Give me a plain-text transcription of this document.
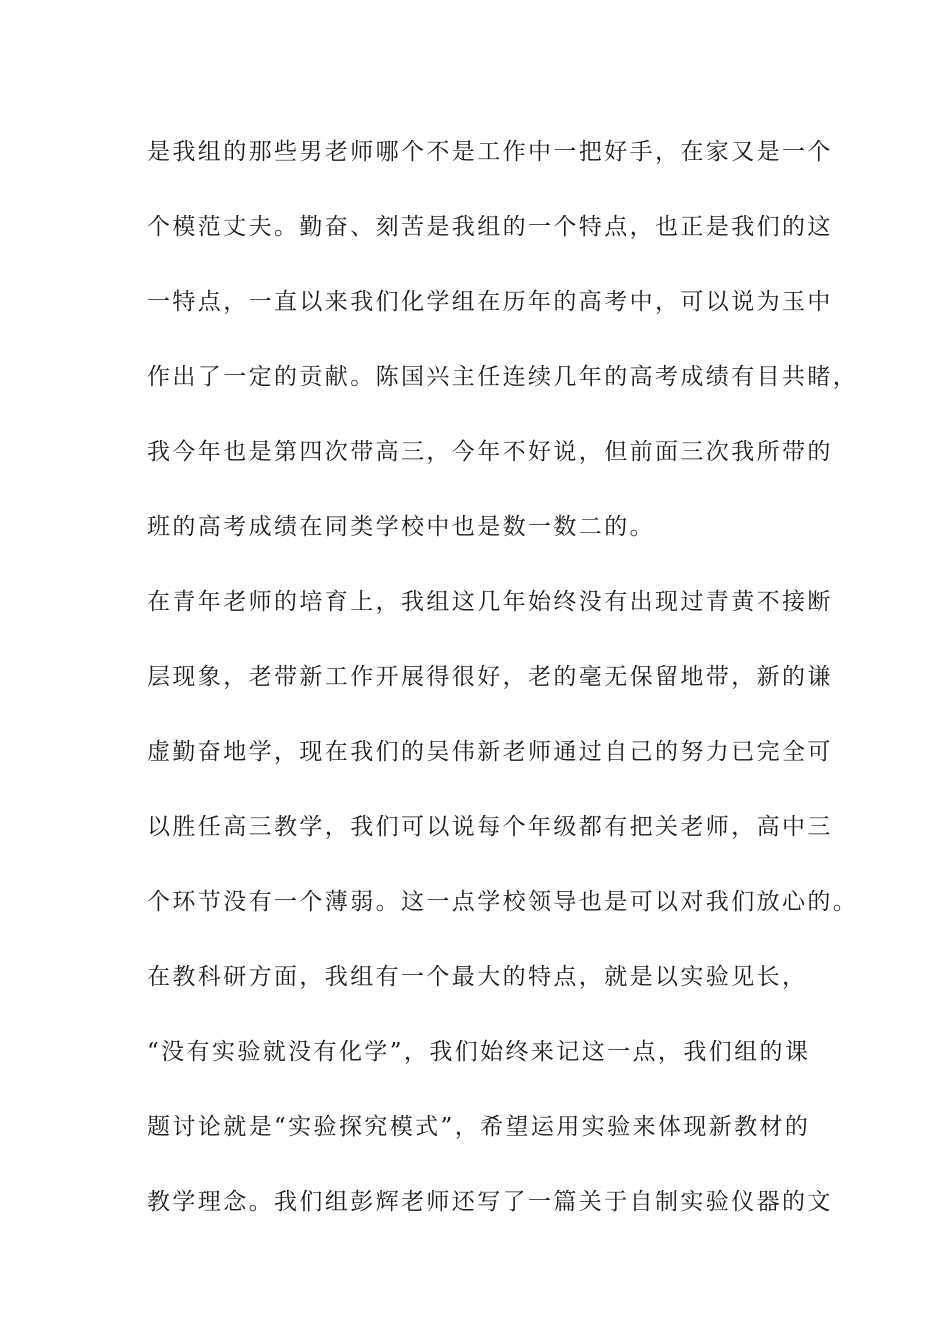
是我组的那些男老师哪个不是工作中一把好手，在家又是一个
个模范丈夫。勤奋、刻苦是我组的一个特点，也正是我们的这
一特点，一直以来我们化学组在历年的高考中，可以说为玉中
作出了一定的贡献。陈国兴主任连续几年的高考成绩有目共睹，
我今年也是第四次带高三，今年不好说，但前面三次我所带的
班的高考成绩在同类学校中也是数一数二的。
在青年老师的培育上，我组这几年始终没有出现过青黄不接断
层现象，老带新工作开展得很好，老的毫无保留地带，新的谦
虚勤奋地学，现在我们的吴伟新老师通过自己的努力已完全可
以胜任高三教学，我们可以说每个年级都有把关老师，高中三
个环节没有一个薄弱。这一点学校领导也是可以对我们放心的。
在教科研方面，我组有一个最大的特点，就是以实验见长，
“没有实验就没有化学”，我们始终来记这一点，我们组的课
题讨论就是“实验探究模式”，希望运用实验来体现新教材的
教学理念。我们组彭辉老师还写了一篇关于自制实验仪器的文
